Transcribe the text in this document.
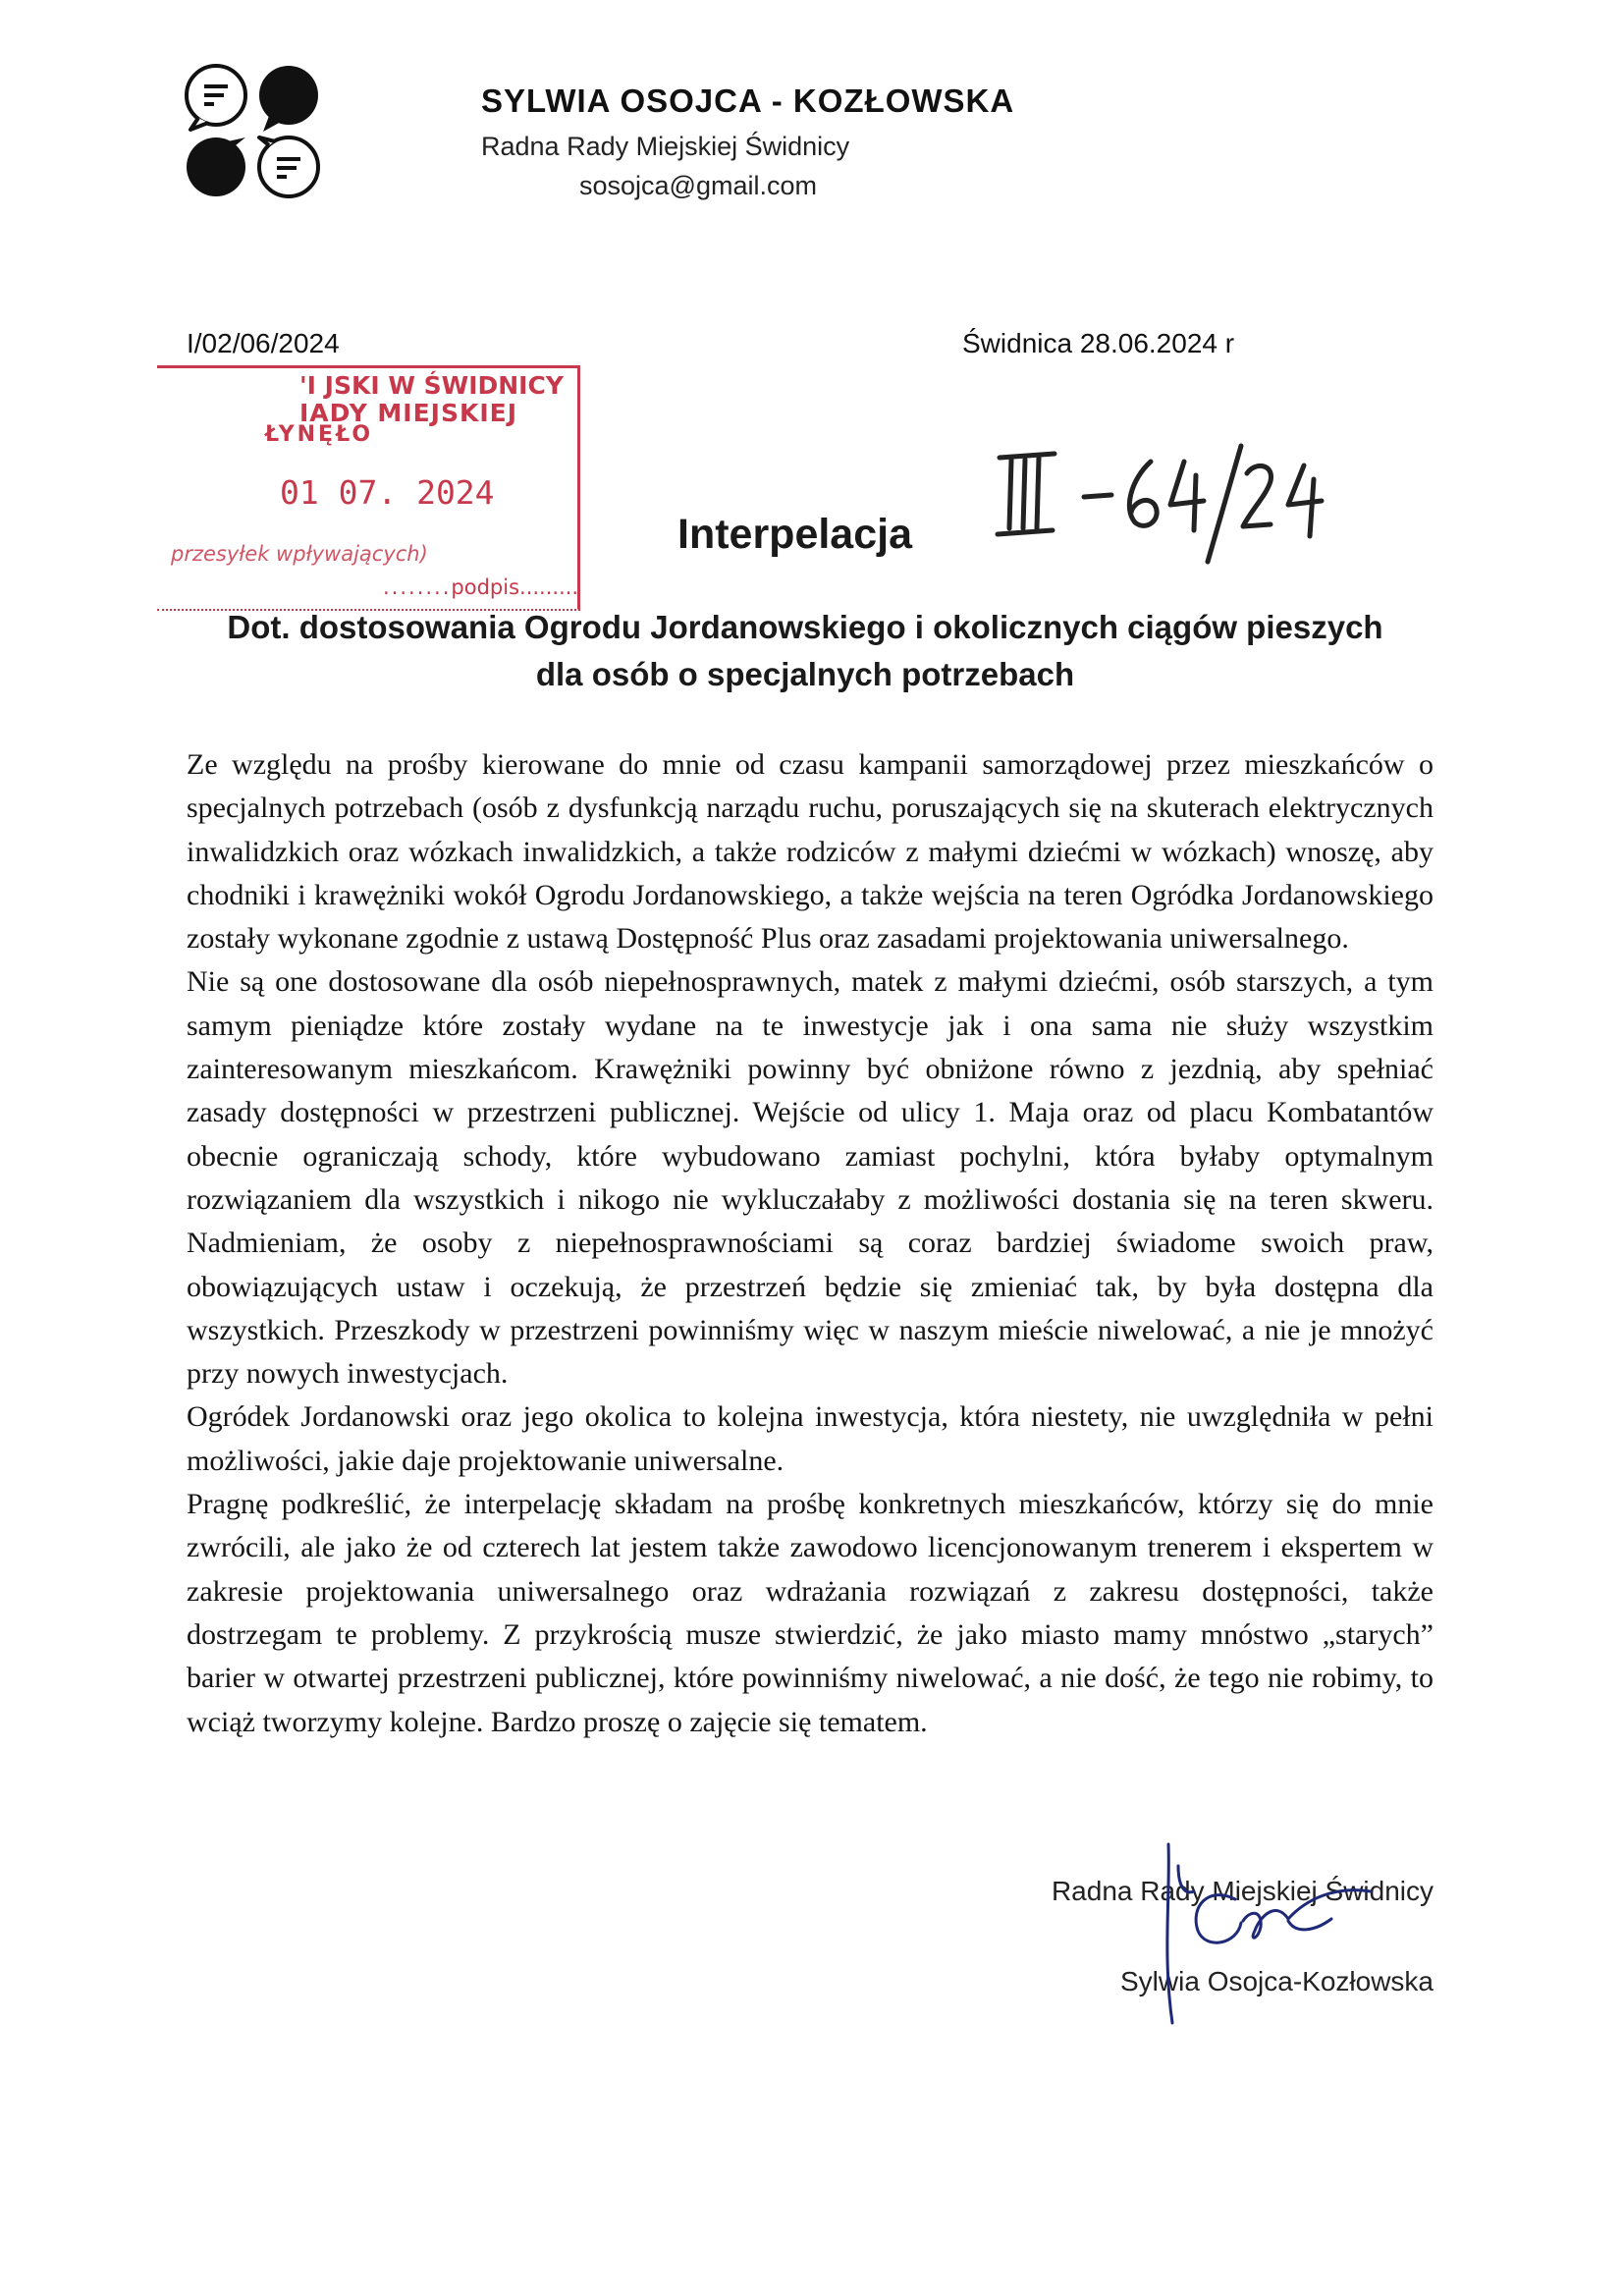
SYLWIA OSOJCA - KOZŁOWSKA
Radna Rady Miejskiej Świdnicy
sosojca@gmail.com
I/02/06/2024	Świdnica 28.06.2024 r
'I JSKI W ŚWIDNICY
IADY MIEJSKIEJ
ŁYNĘŁO
01 07. 2024
przesyłek wpływających)
........podpis.........
Interpelacja
Dot. dostosowania Ogrodu Jordanowskiego i okolicznych ciągów pieszych
dla osób o specjalnych potrzebach

Ze względu na prośby kierowane do mnie od czasu kampanii samorządowej przez mieszkańców o specjalnych potrzebach (osób z dysfunkcją narządu ruchu, poruszających się na skuterach elektrycznych inwalidzkich oraz wózkach inwalidzkich, a także rodziców z małymi dziećmi w wózkach) wnoszę, aby chodniki i krawężniki wokół Ogrodu Jordanowskiego, a także wejścia na teren Ogródka Jordanowskiego zostały wykonane zgodnie z ustawą Dostępność Plus oraz zasadami projektowania uniwersalnego.

Nie są one dostosowane dla osób niepełnosprawnych, matek z małymi dziećmi, osób starszych, a tym samym pieniądze które zostały wydane na te inwestycje jak i ona sama nie służy wszystkim zainteresowanym mieszkańcom. Krawężniki powinny być obniżone równo z jezdnią, aby spełniać zasady dostępności w przestrzeni publicznej. Wejście od ulicy 1. Maja oraz od placu Kombatantów obecnie ograniczają schody, które wybudowano zamiast pochylni, która byłaby optymalnym rozwiązaniem dla wszystkich i nikogo nie wykluczałaby z możliwości dostania się na teren skweru. Nadmieniam, że osoby z niepełnosprawnościami są coraz bardziej świadome swoich praw, obowiązujących ustaw i oczekują, że przestrzeń będzie się zmieniać tak, by była dostępna dla wszystkich. Przeszkody w przestrzeni powinniśmy więc w naszym mieście niwelować, a nie je mnożyć przy nowych inwestycjach.

Ogródek Jordanowski oraz jego okolica to kolejna inwestycja, która niestety, nie uwzględniła w pełni możliwości, jakie daje projektowanie uniwersalne.

Pragnę podkreślić, że interpelację składam na prośbę konkretnych mieszkańców, którzy się do mnie zwrócili, ale jako że od czterech lat jestem także zawodowo licencjonowanym trenerem i ekspertem w zakresie projektowania uniwersalnego oraz wdrażania rozwiązań z zakresu dostępności, także dostrzegam te problemy. Z przykrością musze stwierdzić, że jako miasto mamy mnóstwo „starych” barier w otwartej przestrzeni publicznej, które powinniśmy niwelować, a nie dość, że tego nie robimy, to wciąż tworzymy kolejne. Bardzo proszę o zajęcie się tematem.

Radna Rady Miejskiej Świdnicy
Sylwia Osojca-Kozłowska
